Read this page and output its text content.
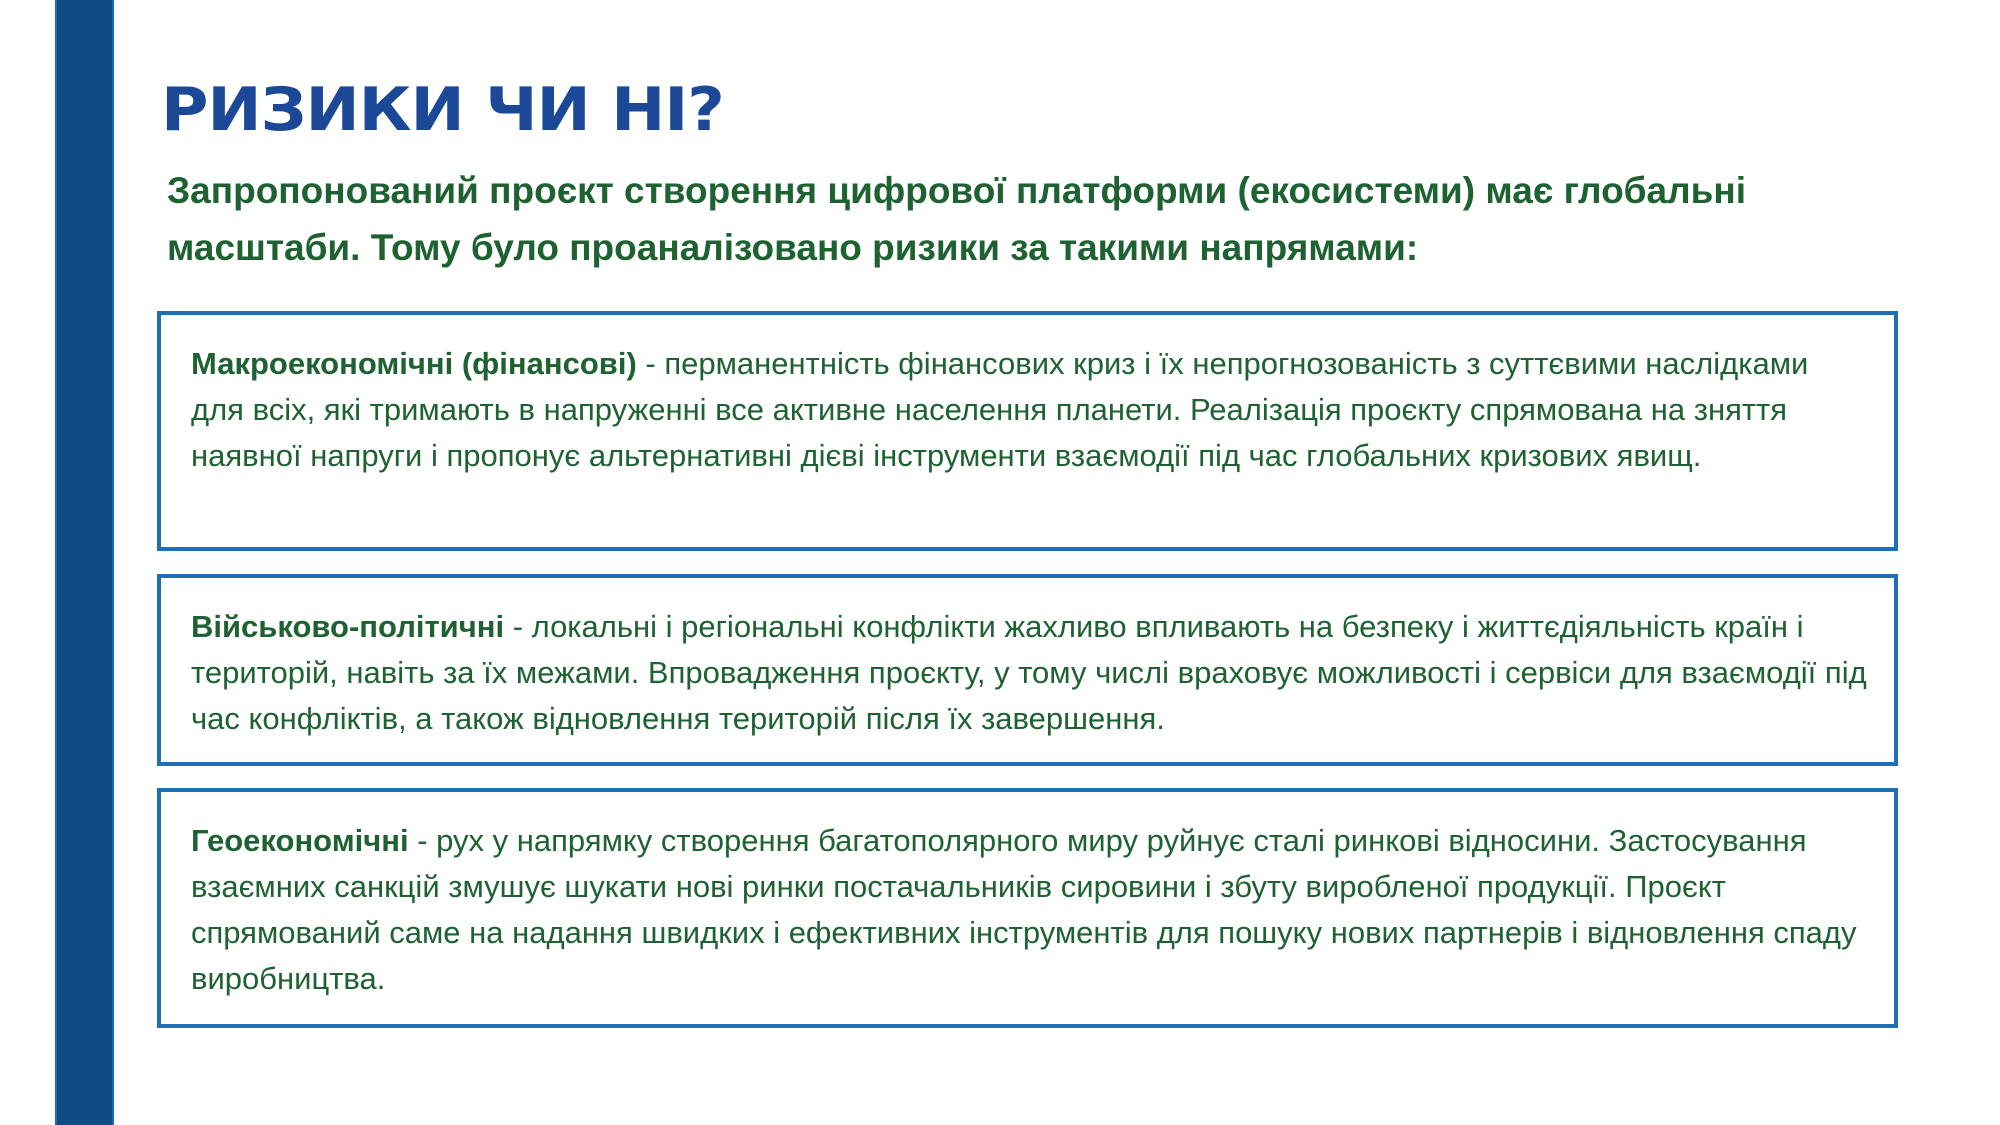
РИЗИКИ ЧИ НІ?

Запропонований проєкт створення цифрової платформи (екосистеми) має глобальні масштаби. Тому було проаналізовано ризики за такими напрямами:

Макроекономічні (фінансові) - перманентність фінансових криз і їх непрогнозованість з суттєвими наслідками для всіх, які тримають в напруженні все активне населення планети. Реалізація проєкту спрямована на зняття наявної напруги і пропонує альтернативні дієві інструменти взаємодії під час глобальних кризових явищ.
Військово-політичні - локальні і регіональні конфлікти жахливо впливають на безпеку і життєдіяльність країн і територій, навіть за їх межами. Впровадження проєкту, у тому числі враховує можливості і сервіси для взаємодії під час конфліктів, а також відновлення територій після їх завершення.
Геоекономічні - рух у напрямку створення багатополярного миру руйнує сталі ринкові відносини. Застосування взаємних санкцій змушує шукати нові ринки постачальників сировини і збуту виробленої продукції. Проєкт спрямований саме на надання швидких і ефективних інструментів для пошуку нових партнерів і відновлення спаду виробництва.
